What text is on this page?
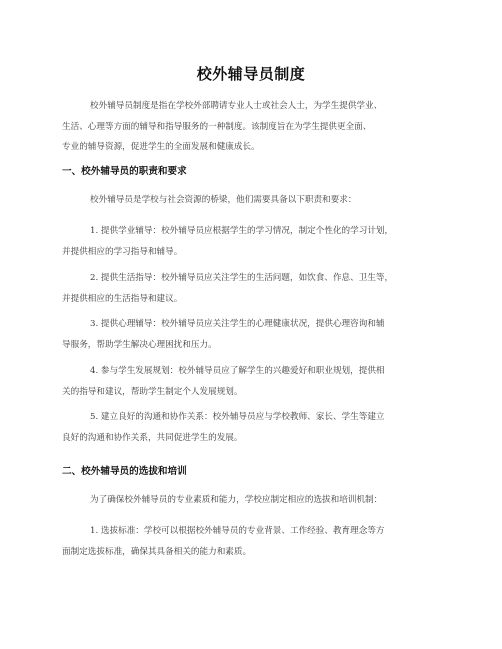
校外辅导员制度

校外辅导员制度是指在学校外部聘请专业人士或社会人士，为学生提供学业、
生活、心理等方面的辅导和指导服务的一种制度。该制度旨在为学生提供更全面、
专业的辅导资源，促进学生的全面发展和健康成长。

一、校外辅导员的职责和要求

校外辅导员是学校与社会资源的桥梁，他们需要具备以下职责和要求：

1. 提供学业辅导：校外辅导员应根据学生的学习情况，制定个性化的学习计划，
并提供相应的学习指导和辅导。

2. 提供生活指导：校外辅导员应关注学生的生活问题，如饮食、作息、卫生等，
并提供相应的生活指导和建议。

3. 提供心理辅导：校外辅导员应关注学生的心理健康状况，提供心理咨询和辅
导服务，帮助学生解决心理困扰和压力。

4. 参与学生发展规划：校外辅导员应了解学生的兴趣爱好和职业规划，提供相
关的指导和建议，帮助学生制定个人发展规划。

5. 建立良好的沟通和协作关系：校外辅导员应与学校教师、家长、学生等建立
良好的沟通和协作关系，共同促进学生的发展。

二、校外辅导员的选拔和培训

为了确保校外辅导员的专业素质和能力，学校应制定相应的选拔和培训机制：

1. 选拔标准：学校可以根据校外辅导员的专业背景、工作经验、教育理念等方
面制定选拔标准，确保其具备相关的能力和素质。
